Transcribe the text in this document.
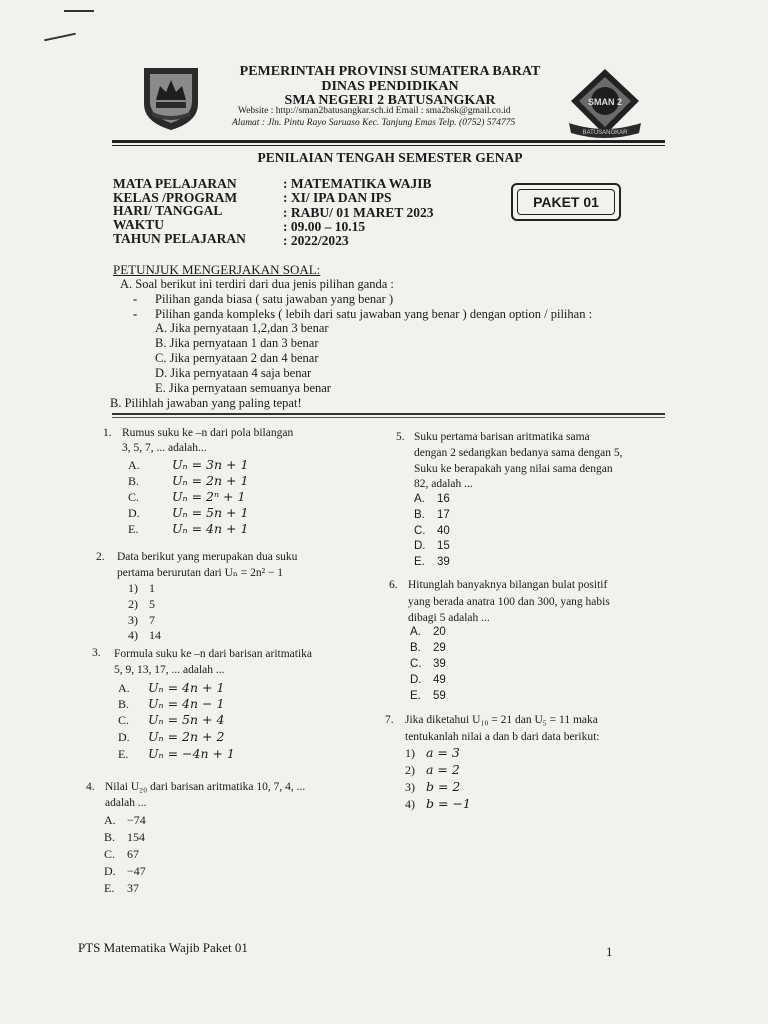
SMAN 2
BATUSANGKAR
PEMERINTAH PROVINSI SUMATERA BARAT
DINAS PENDIDIKAN
SMA NEGERI 2 BATUSANGKAR
Website : http://sman2batusangkar.sch.id Email : sma2bsk@gmail.co.id
Alamat : Jln. Pintu Rayo Saruaso Kec. Tanjung Emas Telp. (0752) 574775
PENILAIAN TENGAH SEMESTER GENAP
MATA PELAJARAN	: MATEMATIKA WAJIB
KELAS /PROGRAM	: XI/ IPA DAN IPS
HARI/ TANGGAL	: RABU/ 01 MARET 2023
WAKTU	: 09.00 – 10.15
TAHUN PELAJARAN	: 2022/2023
PAKET 01
PETUNJUK MENGERJAKAN SOAL:
A. Soal berikut ini terdiri dari dua jenis pilihan ganda :
- Pilihan ganda biasa ( satu jawaban yang benar )
- Pilihan ganda kompleks ( lebih dari satu jawaban yang benar ) dengan option / pilihan :
A. Jika pernyataan 1,2,dan 3 benar
B. Jika pernyataan 1 dan 3 benar
C. Jika pernyataan 2 dan 4 benar
D. Jika pernyataan 4 saja benar
E. Jika pernyataan semuanya benar
B. Pilihlah jawaban yang paling tepat!
1. Rumus suku ke –n dari pola bilangan
3, 5, 7, ... adalah...
A.	Uₙ = 3n + 1
B.	Uₙ = 2n + 1
C.	Uₙ = 2ⁿ + 1
D.	Uₙ = 5n + 1
E.	Uₙ = 4n + 1
2. Data berikut yang merupakan dua suku
pertama berurutan dari Uₙ = 2n² − 1
1) 1
2) 5
3) 7
4) 14
3. Formula suku ke –n dari barisan aritmatika
5, 9, 13, 17, ... adalah ...
A. Uₙ = 4n + 1
B. Uₙ = 4n − 1
C. Uₙ = 5n + 4
D. Uₙ = 2n + 2
E. Uₙ = −4n + 1
4. Nilai U₂₀ dari barisan aritmatika 10, 7, 4, ...
adalah ...
A. −74
B. 154
C. 67
D. −47
E. 37
5. Suku pertama barisan aritmatika sama
dengan 2 sedangkan bedanya sama dengan 5,
Suku ke berapakah yang nilai sama dengan
82, adalah ...
A. 16
B. 17
C. 40
D. 15
E. 39
6. Hitunglah banyaknya bilangan bulat positif
yang berada anatra 100 dan 300, yang habis
dibagi 5 adalah ...
A. 20
B. 29
C. 39
D. 49
E. 59
7. Jika diketahui U₁₀ = 21 dan U₅ = 11 maka
tentukanlah nilai a dan b dari data berikut:
1) a = 3
2) a = 2
3) b = 2
4) b = −1
PTS Matematika Wajib Paket 01	1
